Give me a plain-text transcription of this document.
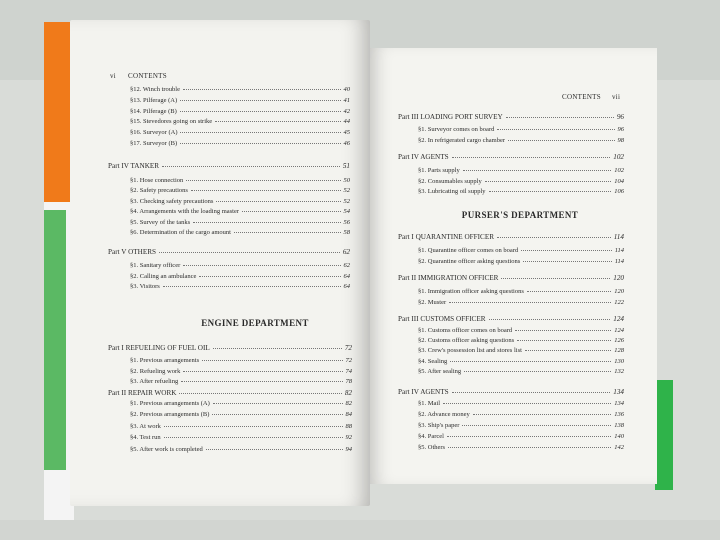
vi CONTENTS
CONTENTS vii
§12. Winch trouble	40
§13. Pilferage (A)	41
§14. Pilferage (B)	42
§15. Stevedores going on strike	44
§16. Surveyor (A)	45
§17. Surveyor (B)	46
Part IV TANKER	51
§1. Hose connection	50
§2. Safety precautions	52
§3. Checking safety precautions	52
§4. Arrangements with the loading master	54
§5. Survey of the tanks	56
§6. Determination of the cargo amount	58
Part V OTHERS	62
§1. Sanitary officer	62
§2. Calling an ambulance	64
§3. Visitors	64
Part I REFUELING OF FUEL OIL	72
§1. Previous arrangements	72
§2. Refueling work	74
§3. After refueling	78
Part II REPAIR WORK	82
§1. Previous arrangements (A)	82
§2. Previous arrangements (B)	84
§3. At work	88
§4. Test run	92
§5. After work is completed	94
Part III LOADING PORT SURVEY	96
§1. Surveyor comes on board	96
§2. In refrigerated cargo chamber	98
Part IV AGENTS	102
§1. Parts supply	102
§2. Consumables supply	104
§3. Lubricating oil supply	106
Part I QUARANTINE OFFICER	114
§1. Quarantine officer comes on board	114
§2. Quarantine officer asking questions	114
Part II IMMIGRATION OFFICER	120
§1. Immigration officer asking questions	120
§2. Muster	122
Part III CUSTOMS OFFICER	124
§1. Customs officer comes on board	124
§2. Customs officer asking questions	126
§3. Crew's possession list and stores list	128
§4. Sealing	130
§5. After sealing	132
Part IV AGENTS	134
§1. Mail	134
§2. Advance money	136
§3. Ship's paper	138
§4. Parcel	140
§5. Others	142
ENGINE DEPARTMENT
PURSER'S DEPARTMENT
